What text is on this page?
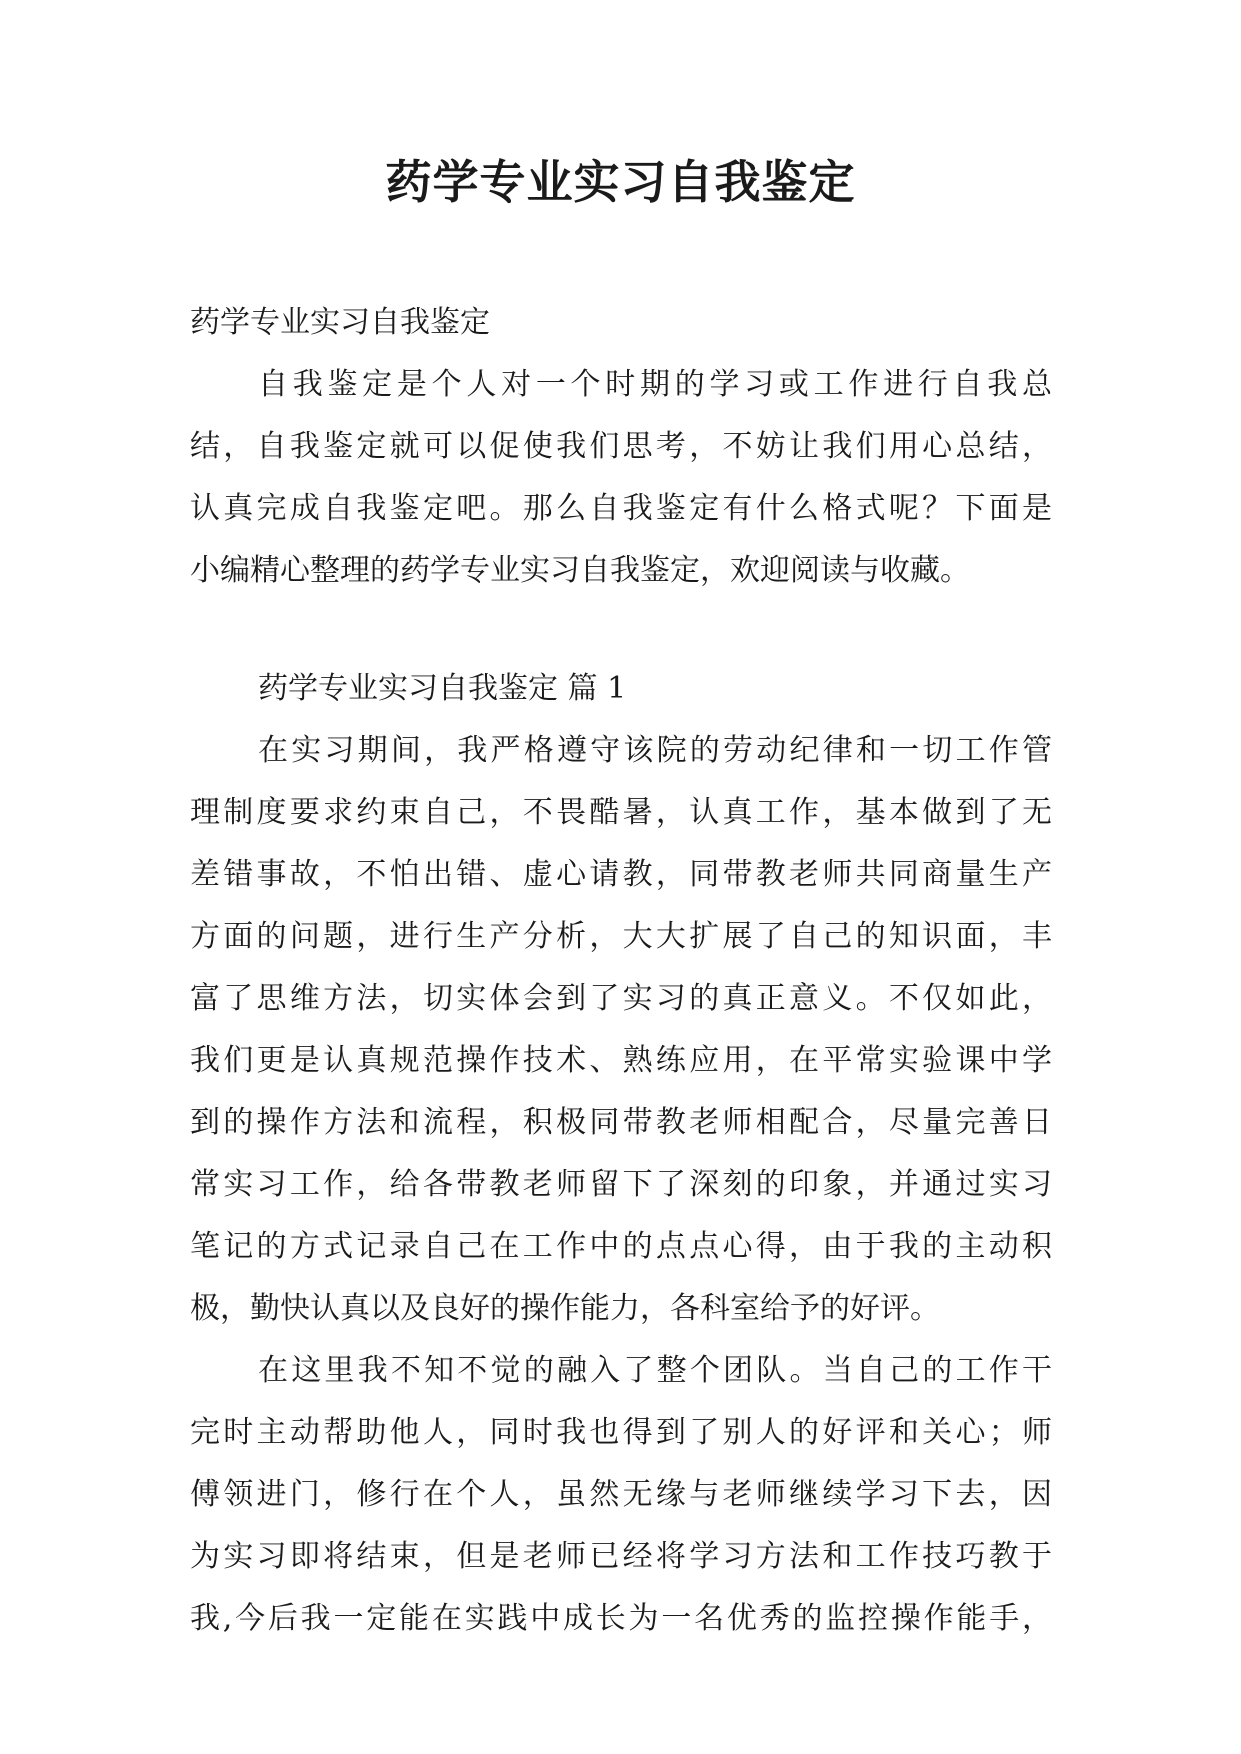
药学专业实习自我鉴定
药学专业实习自我鉴定
自我鉴定是个人对一个时期的学习或工作进行自我总
结，自我鉴定就可以促使我们思考，不妨让我们用心总结，
认真完成自我鉴定吧。那么自我鉴定有什么格式呢？下面是
小编精心整理的药学专业实习自我鉴定，欢迎阅读与收藏。
药学专业实习自我鉴定 篇 1
在实习期间，我严格遵守该院的劳动纪律和一切工作管
理制度要求约束自己，不畏酷暑，认真工作，基本做到了无
差错事故，不怕出错、虚心请教，同带教老师共同商量生产
方面的问题，进行生产分析，大大扩展了自己的知识面，丰
富了思维方法，切实体会到了实习的真正意义。不仅如此，
我们更是认真规范操作技术、熟练应用，在平常实验课中学
到的操作方法和流程，积极同带教老师相配合，尽量完善日
常实习工作，给各带教老师留下了深刻的印象，并通过实习
笔记的方式记录自己在工作中的点点心得，由于我的主动积
极，勤快认真以及良好的操作能力，各科室给予的好评。
在这里我不知不觉的融入了整个团队。当自己的工作干
完时主动帮助他人，同时我也得到了别人的好评和关心；师
傅领进门，修行在个人，虽然无缘与老师继续学习下去，因
为实习即将结束，但是老师已经将学习方法和工作技巧教于
我,今后我一定能在实践中成长为一名优秀的监控操作能手，
